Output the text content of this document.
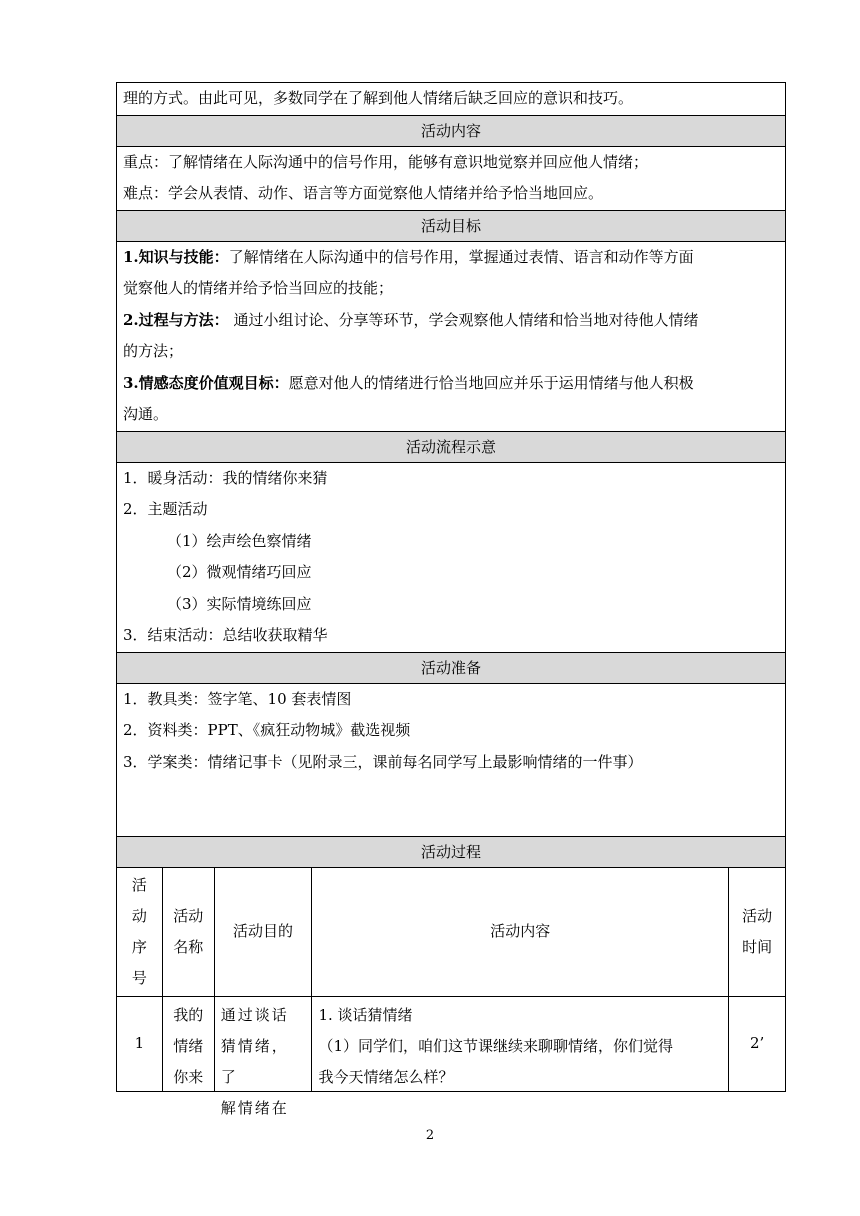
理的方式。由此可见，多数同学在了解到他人情绪后缺乏回应的意识和技巧。
活动内容
重点：了解情绪在人际沟通中的信号作用，能够有意识地觉察并回应他人情绪；
难点：学会从表情、动作、语言等方面觉察他人情绪并给予恰当地回应。
活动目标
1.知识与技能：了解情绪在人际沟通中的信号作用，掌握通过表情、语言和动作等方面
觉察他人的情绪并给予恰当回应的技能；
2.过程与方法： 通过小组讨论、分享等环节，学会观察他人情绪和恰当地对待他人情绪
的方法；
3.情感态度价值观目标：愿意对他人的情绪进行恰当地回应并乐于运用情绪与他人积极
沟通。
活动流程示意
1．暖身活动：我的情绪你来猜
2．主题活动
（1）绘声绘色察情绪
（2）微观情绪巧回应
（3）实际情境练回应
3．结束活动：总结收获取精华
活动准备
1．教具类：签字笔、10 套表情图
2．资料类：PPT、《疯狂动物城》截选视频
3．学案类：情绪记事卡（见附录三，课前每名同学写上最影响情绪的一件事）
活动过程
活
动
序
号
活动
名称
活动目的	活动内容
活动
时间
1
我的
情绪
你来
通过谈话
猜情绪，了
解情绪在
1. 谈话猜情绪
（1）同学们，咱们这节课继续来聊聊情绪，你们觉得
我今天情绪怎么样？
2’
2
